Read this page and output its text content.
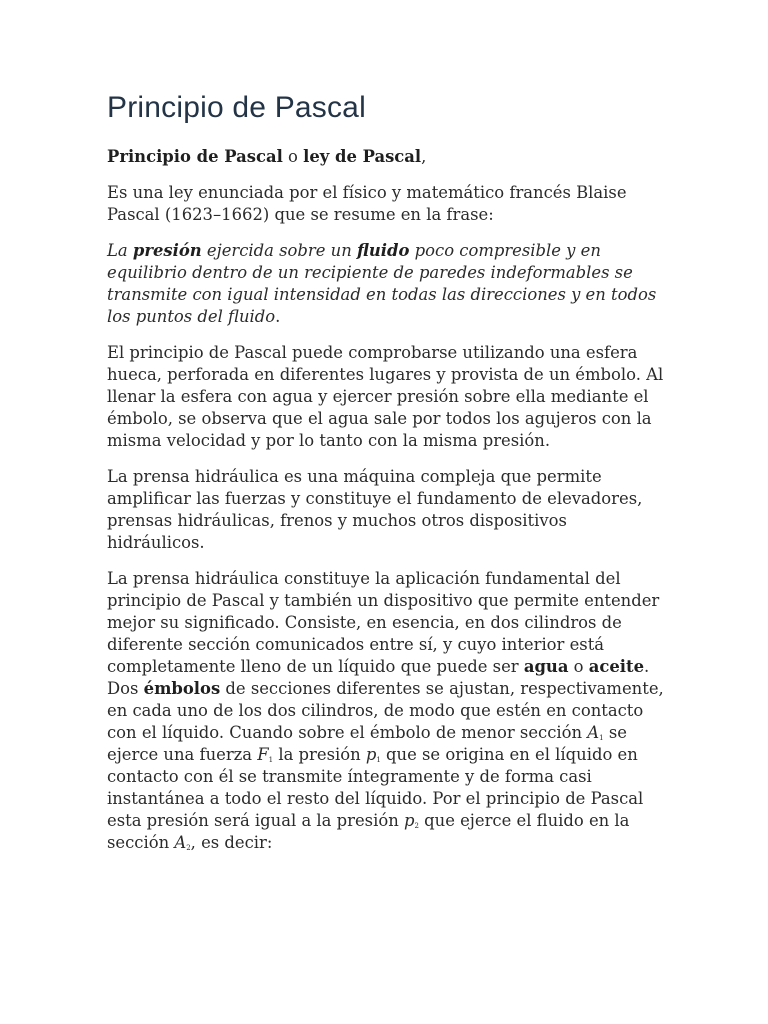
Principio de Pascal

Principio de Pascal o ley de Pascal,

Es una ley enunciada por el físico y matemático francés Blaise Pascal (1623–1662) que se resume en la frase:

La presión ejercida sobre un fluido poco compresible y en equilibrio dentro de un recipiente de paredes indeformables se transmite con igual intensidad en todas las direcciones y en todos los puntos del fluido.

El principio de Pascal puede comprobarse utilizando una esfera hueca, perforada en diferentes lugares y provista de un émbolo. Al llenar la esfera con agua y ejercer presión sobre ella mediante el émbolo, se observa que el agua sale por todos los agujeros con la misma velocidad y por lo tanto con la misma presión.

La prensa hidráulica es una máquina compleja que permite amplificar las fuerzas y constituye el fundamento de elevadores, prensas hidráulicas, frenos y muchos otros dispositivos hidráulicos.

La prensa hidráulica constituye la aplicación fundamental del principio de Pascal y también un dispositivo que permite entender mejor su significado. Consiste, en esencia, en dos cilindros de diferente sección comunicados entre sí, y cuyo interior está completamente lleno de un líquido que puede ser agua o aceite. Dos émbolos de secciones diferentes se ajustan, respectivamente, en cada uno de los dos cilindros, de modo que estén en contacto con el líquido. Cuando sobre el émbolo de menor sección $A_1$ se ejerce una fuerza $F_1$ la presión $p_1$ que se origina en el líquido en contacto con él se transmite íntegramente y de forma casi instantánea a todo el resto del líquido. Por el principio de Pascal esta presión será igual a la presión $p_2$ que ejerce el fluido en la sección $A_2$, es decir:
